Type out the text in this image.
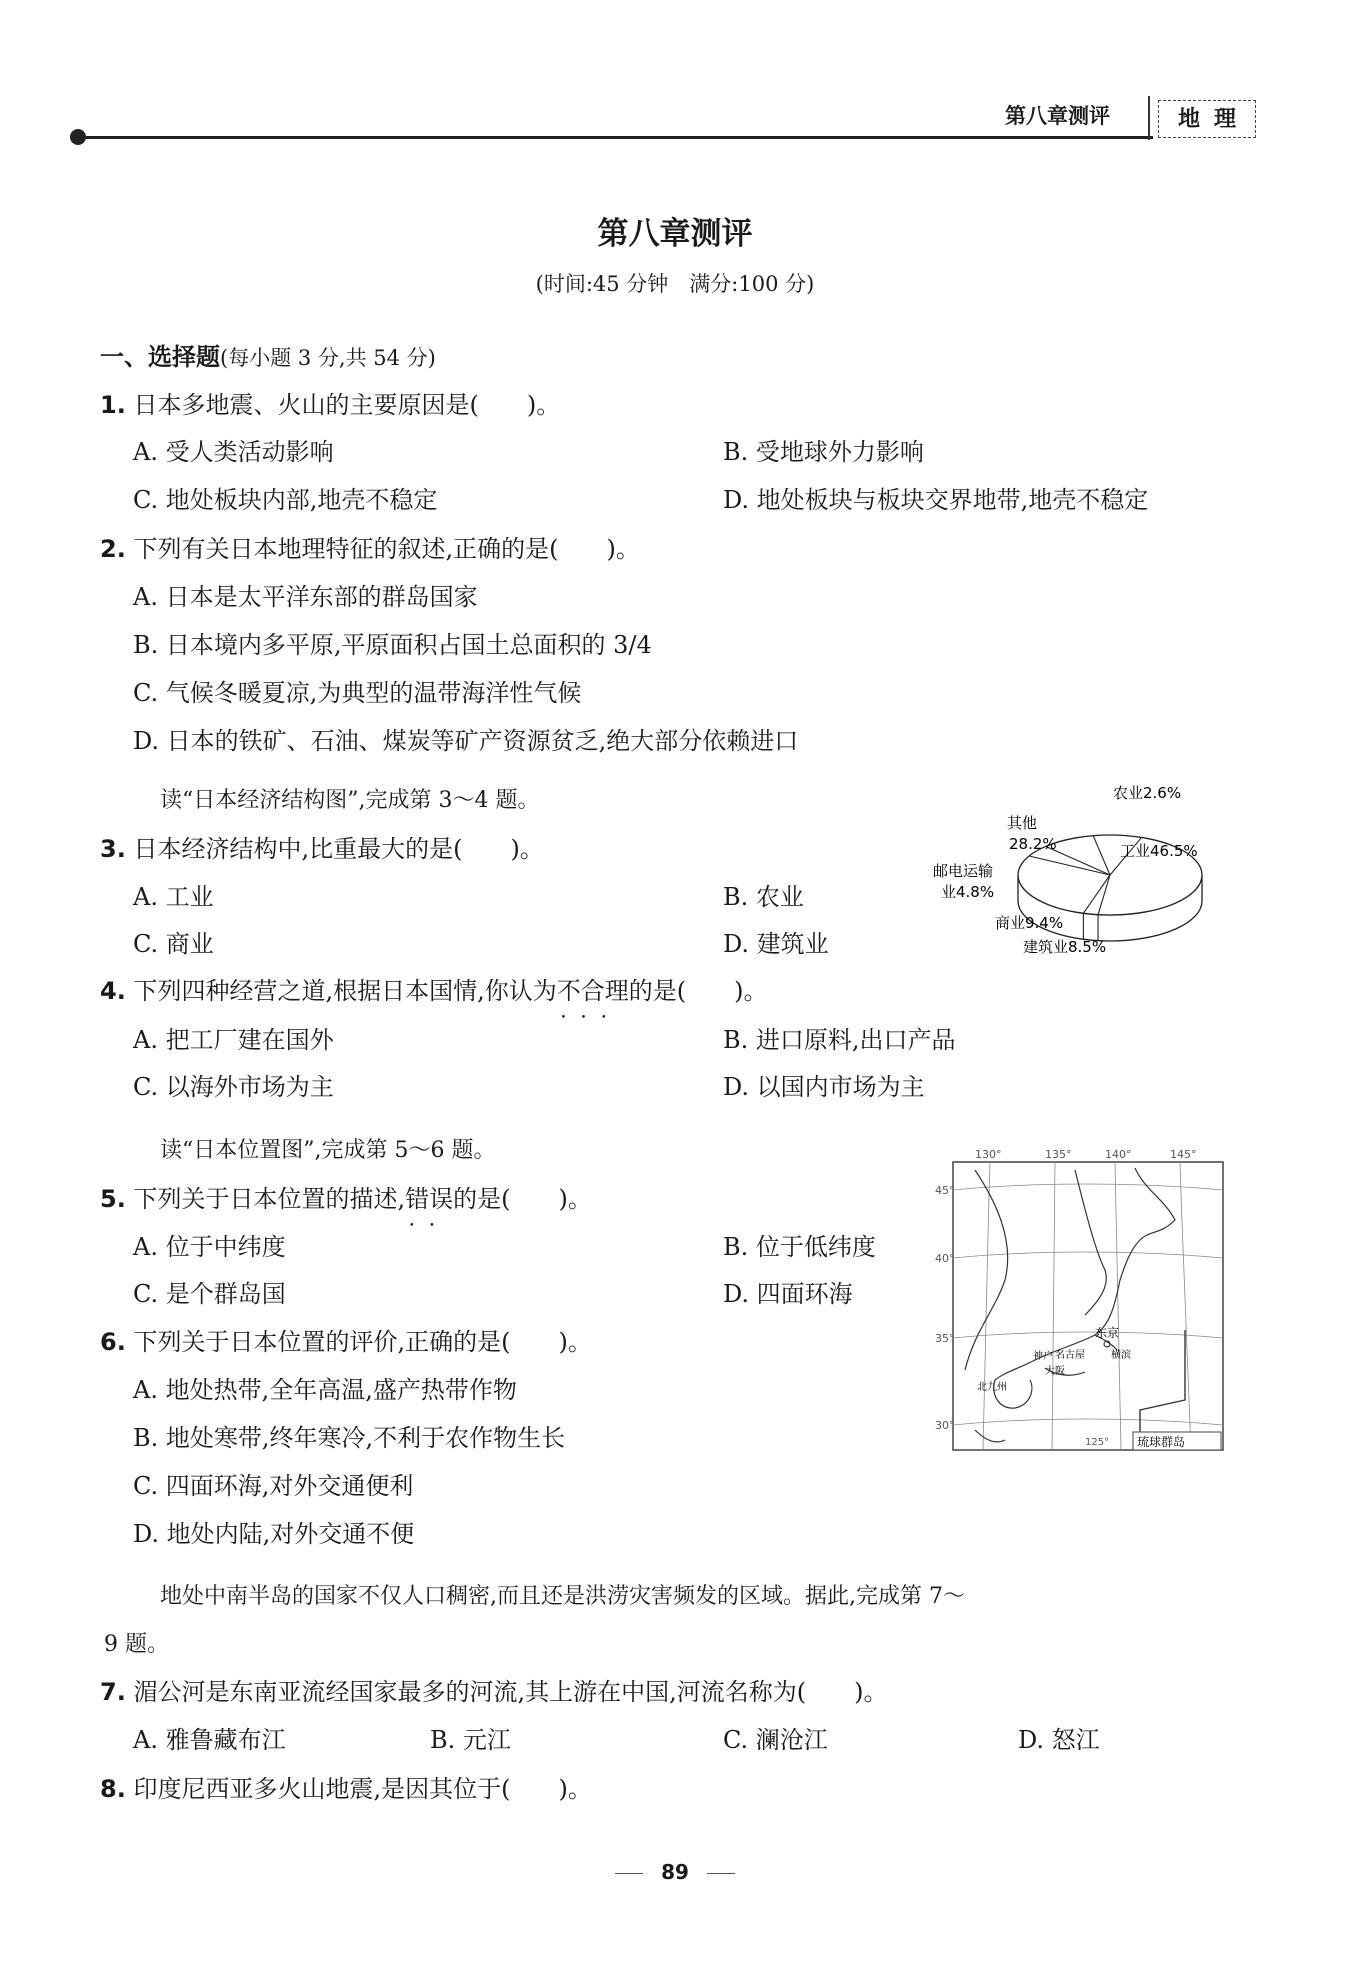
第八章测评	地理
第八章测评
(时间:45 分钟　满分:100 分)
一、选择题(每小题 3 分,共 54 分)
1. 日本多地震、火山的主要原因是(　　)。
A. 受人类活动影响	B. 受地球外力影响
C. 地处板块内部,地壳不稳定	D. 地处板块与板块交界地带,地壳不稳定
2. 下列有关日本地理特征的叙述,正确的是(　　)。
A. 日本是太平洋东部的群岛国家
B. 日本境内多平原,平原面积占国土总面积的 3/4
C. 气候冬暖夏凉,为典型的温带海洋性气候
D. 日本的铁矿、石油、煤炭等矿产资源贫乏,绝大部分依赖进口
读“日本经济结构图”,完成第 3～4 题。
3. 日本经济结构中,比重最大的是(　　)。
A. 工业	B. 农业
C. 商业	D. 建筑业
农业2.6%
工业46.5%
其他
28.2%
邮电运输
业4.8%
商业9.4%
建筑业8.5%
4. 下列四种经营之道,根据日本国情,你认为不合理 • • •的是(　　)。
A. 把工厂建在国外	B. 进口原料,出口产品
C. 以海外市场为主	D. 以国内市场为主
读“日本位置图”,完成第 5～6 题。
5. 下列关于日本位置的描述,错误 • •的是(　　)。
A. 位于中纬度	B. 位于低纬度
C. 是个群岛国	D. 四面环海
6. 下列关于日本位置的评价,正确的是(　　)。
A. 地处热带,全年高温,盛产热带作物
B. 地处寒带,终年寒冷,不利于农作物生长
C. 四面环海,对外交通便利
D. 地处内陆,对外交通不便
琉球群岛
130°	135°	140°	145°
45°
40°
35°
30°
125°
东京
名古屋	横滨
神户
大阪
北九州
地处中南半岛的国家不仅人口稠密,而且还是洪涝灾害频发的区域。据此,完成第 7～
9 题。
7. 湄公河是东南亚流经国家最多的河流,其上游在中国,河流名称为(　　)。
A. 雅鲁藏布江	B. 元江	C. 澜沧江	D. 怒江
8. 印度尼西亚多火山地震,是因其位于(　　)。
89
